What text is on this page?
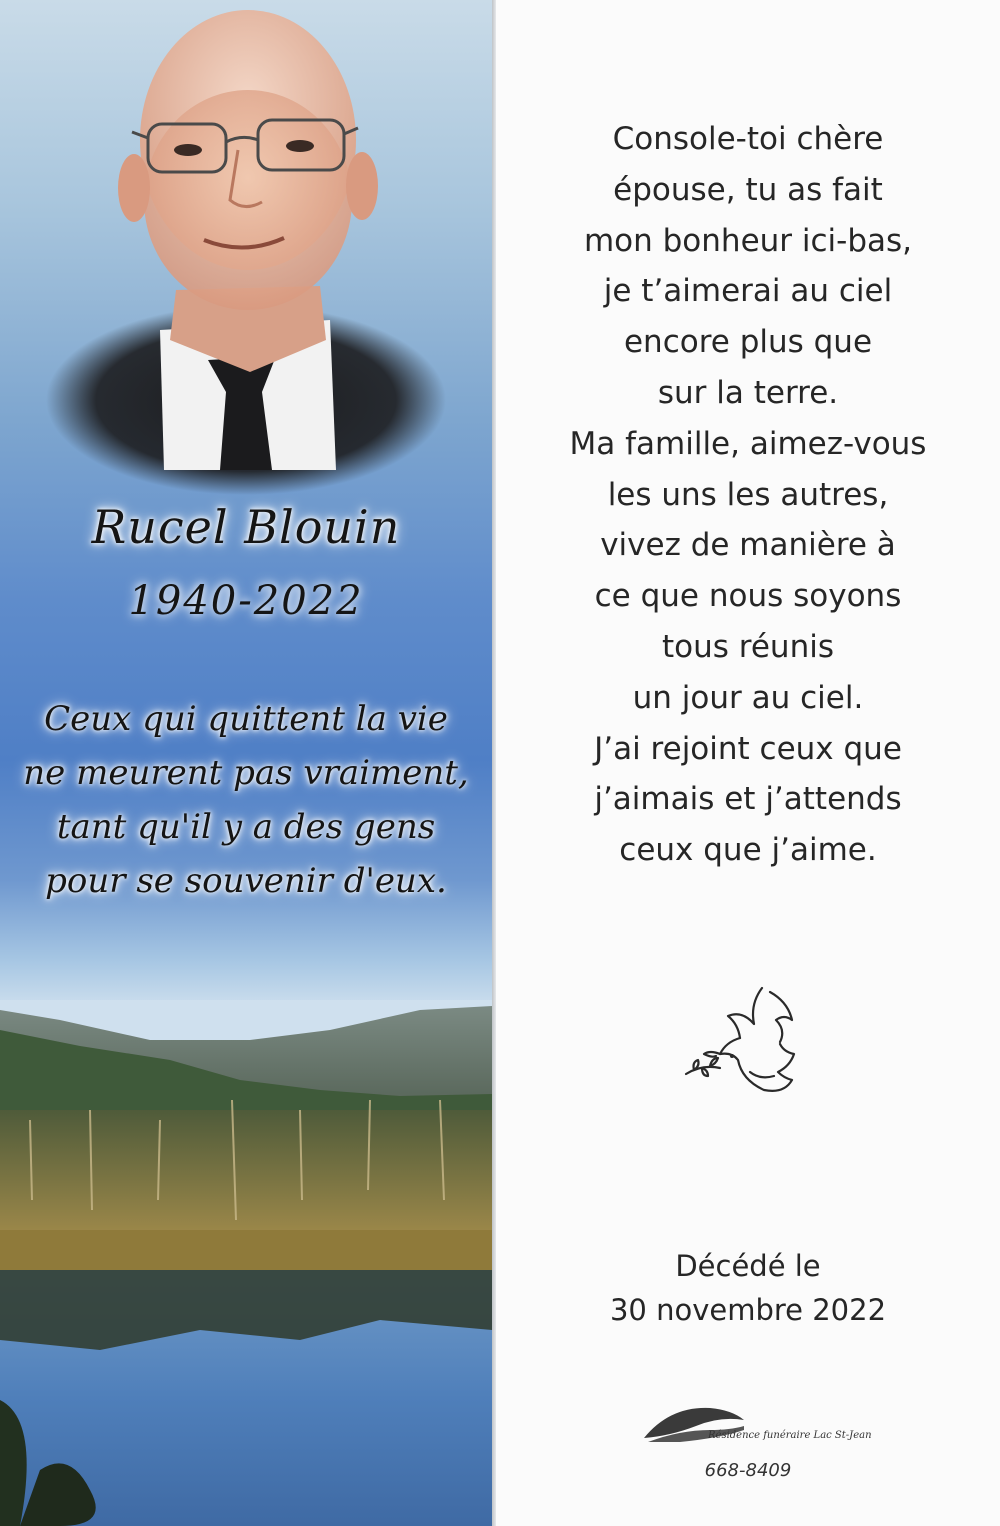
Rucel Blouin
1940-2022
Ceux qui quittent la vie
ne meurent pas vraiment,
tant qu'il y a des gens
pour se souvenir d'eux.
Console-toi chère
épouse, tu as fait
mon bonheur ici-bas,
je t’aimerai au ciel
encore plus que
sur la terre.
Ma famille, aimez-vous
les uns les autres,
vivez de manière à
ce que nous soyons
tous réunis
un jour au ciel.
J’ai rejoint ceux que
j’aimais et j’attends
ceux que j’aime.
Décédé le
30 novembre 2022
Résidence funéraire Lac St-Jean
668-8409
